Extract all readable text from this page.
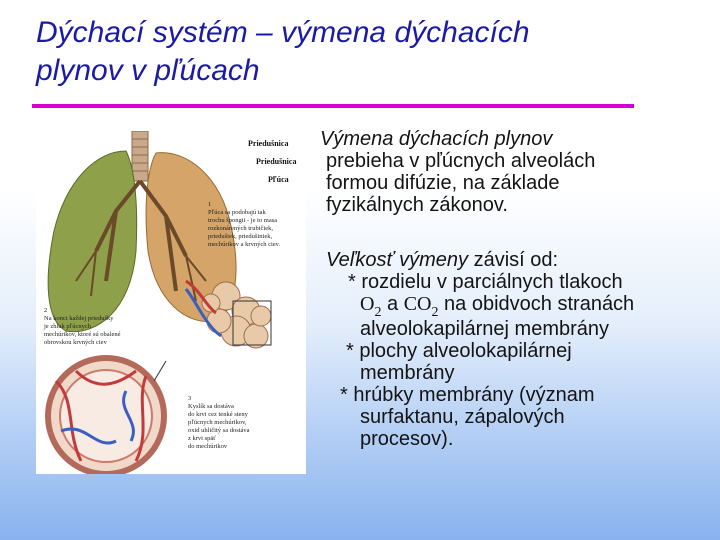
Dýchací systém – výmena dýchacích
plynov v pľúcach
Priedušnica
Priedušnica
Pľúca
1
Pľúca sa podobajú tak
trochu špongii - je to masa
rozkonárených trubičiek,
priedušiek, priedušiniek,
mechúrikov a krvných ciev.
2
Na konci každej priedušky
je zhluk pľúcnych
mechúrikov, ktoré sú obalené
obrovskou krvných ciev
3
Kyslík sa dostáva
do krvi cez tenké steny
pľúcnych mechúrikov,
oxid uhličitý sa dostáva
z krvi späť
do mechúrikov

Výmena dýchacích plynov
prebieha v pľúcnych alveolách
formou difúzie, na základe
fyzikálnych zákonov.

Veľkosť výmeny závisí od:
* rozdielu v parciálnych tlakoch
$O_2$ a $CO_2$ na obidvoch stranách
alveolokapilárnej membrány
* plochy alveolokapilárnej
membrány
* hrúbky membrány (význam
surfaktanu, zápalových
procesov).
